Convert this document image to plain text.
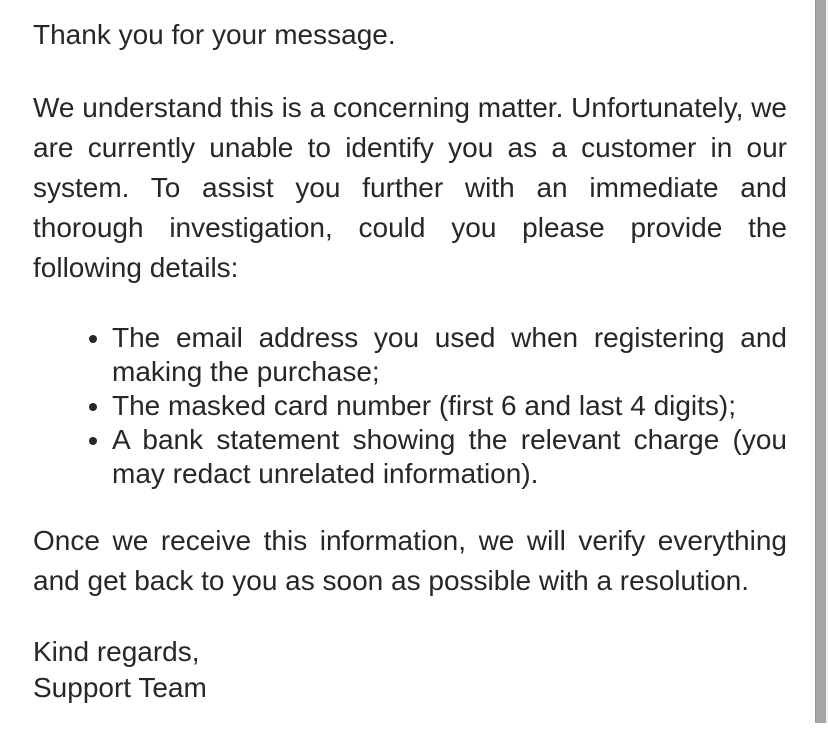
Thank you for your message.

We understand this is a concerning matter. Unfortunately, we are currently unable to identify you as a customer in our system. To assist you further with an immediate and thorough investigation, could you please provide the following details:

• The email address you used when registering and making the purchase;
• The masked card number (first 6 and last 4 digits);
• A bank statement showing the relevant charge (you may redact unrelated information).

Once we receive this information, we will verify everything and get back to you as soon as possible with a resolution.

Kind regards,
Support Team
